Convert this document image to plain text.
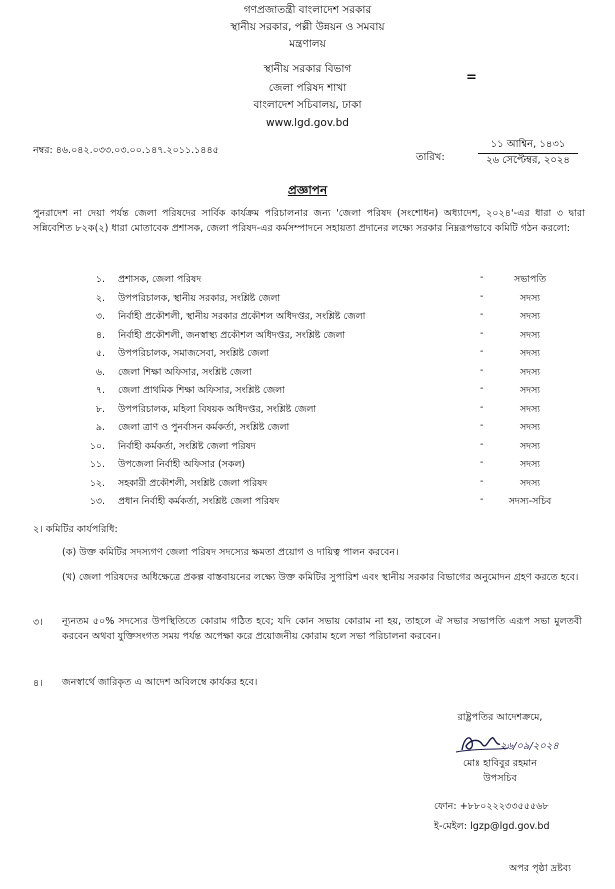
গণপ্রজাতন্ত্রী বাংলাদেশ সরকার
স্থানীয় সরকার, পল্লী উন্নয়ন ও সমবায়
মন্ত্রণালয়
স্থানীয় সরকার বিভাগ
জেলা পরিষদ শাখা
বাংলাদেশ সচিবালয়, ঢাকা
www.lgd.gov.bd
=
নম্বর: ৪৬.০৪২.০৩৩.০৩.০০.১৪৭.২০১১.১৪৪৫
তারিখ:
১১ আশ্বিন, ১৪৩১
২৬ সেপ্টেম্বর, ২০২৪
প্রজ্ঞাপন
পুনরাদেশ না দেয়া পর্যন্ত জেলা পরিষদের সার্বিক কার্যক্রম পরিচালনার জন্য 'জেলা পরিষদ (সংশোধন) অধ্যাদেশ, ২০২৪'-এর ধারা ৩ দ্বারা সন্নিবেশিত ৮২ক(২) ধারা মোতাবেক প্রশাসক, জেলা পরিষদ-এর কর্মসম্পাদনে সহায়তা প্রদানের লক্ষ্যে সরকার নিম্নরূপভাবে কমিটি গঠন করলো:
১. প্রশাসক, জেলা পরিষদ	-	সভাপতি
২. উপপরিচালক, স্থানীয় সরকার, সংশ্লিষ্ট জেলা	-	সদস্য
৩. নির্বাহী প্রকৌশলী, স্থানীয় সরকার প্রকৌশল অধিদপ্তর, সংশ্লিষ্ট জেলা	-	সদস্য
৪. নির্বাহী প্রকৌশলী, জনস্বাস্থ্য প্রকৌশল অধিদপ্তর, সংশ্লিষ্ট জেলা	-	সদস্য
৫. উপপরিচালক, সমাজসেবা, সংশ্লিষ্ট জেলা	-	সদস্য
৬. জেলা শিক্ষা অফিসার, সংশ্লিষ্ট জেলা	-	সদস্য
৭. জেলা প্রাথমিক শিক্ষা অফিসার, সংশ্লিষ্ট জেলা	-	সদস্য
৮. উপপরিচালক, মহিলা বিষয়ক অধিদপ্তর, সংশ্লিষ্ট জেলা	-	সদস্য
৯. জেলা ত্রাণ ও পুনর্বাসন কর্মকর্তা, সংশ্লিষ্ট জেলা	-	সদস্য
১০. নির্বাহী কর্মকর্তা, সংশ্লিষ্ট জেলা পরিষদ	-	সদস্য
১১. উপজেলা নির্বাহী অফিসার (সকল)	-	সদস্য
১২. সহকারী প্রকৌশলী, সংশ্লিষ্ট জেলা পরিষদ	-	সদস্য
১৩. প্রধান নির্বাহী কর্মকর্তা, সংশ্লিষ্ট জেলা পরিষদ	-	সদস্য-সচিব
২। কমিটির কার্যপরিধি:
(ক) উক্ত কমিটির সদস্যগণ জেলা পরিষদ সদস্যের ক্ষমতা প্রয়োগ ও দায়িত্ব পালন করবেন।
(খ) জেলা পরিষদের অধিক্ষেত্রে প্রকল্প বাস্তবায়নের লক্ষ্যে উক্ত কমিটির সুপারিশ এবং স্থানীয় সরকার বিভাগের অনুমোদন গ্রহণ করতে হবে।
৩। ন্যূনতম ৫০% সদস্যের উপস্থিতিতে কোরাম গঠিত হবে; যদি কোন সভায় কোরাম না হয়, তাহলে ঐ সভার সভাপতি এরূপ সভা মুলতবী করবেন অথবা যুক্তিসংগত সময় পর্যন্ত অপেক্ষা করে প্রয়োজনীয় কোরাম হলে সভা পরিচালনা করবেন।
৪। জনস্বার্থে জারিকৃত এ আদেশ অবিলম্বে কার্যকর হবে।
রাষ্ট্রপতির আদেশক্রমে,
২৬/০৯/২০২৪
মোঃ হাবিবুর রহমান
উপসচিব
ফোন: +৮৮০২২২৩৩৫৫৫৬৮
ই-মেইল: lgzp@lgd.gov.bd
অপর পৃষ্ঠা দ্রষ্টব্য
